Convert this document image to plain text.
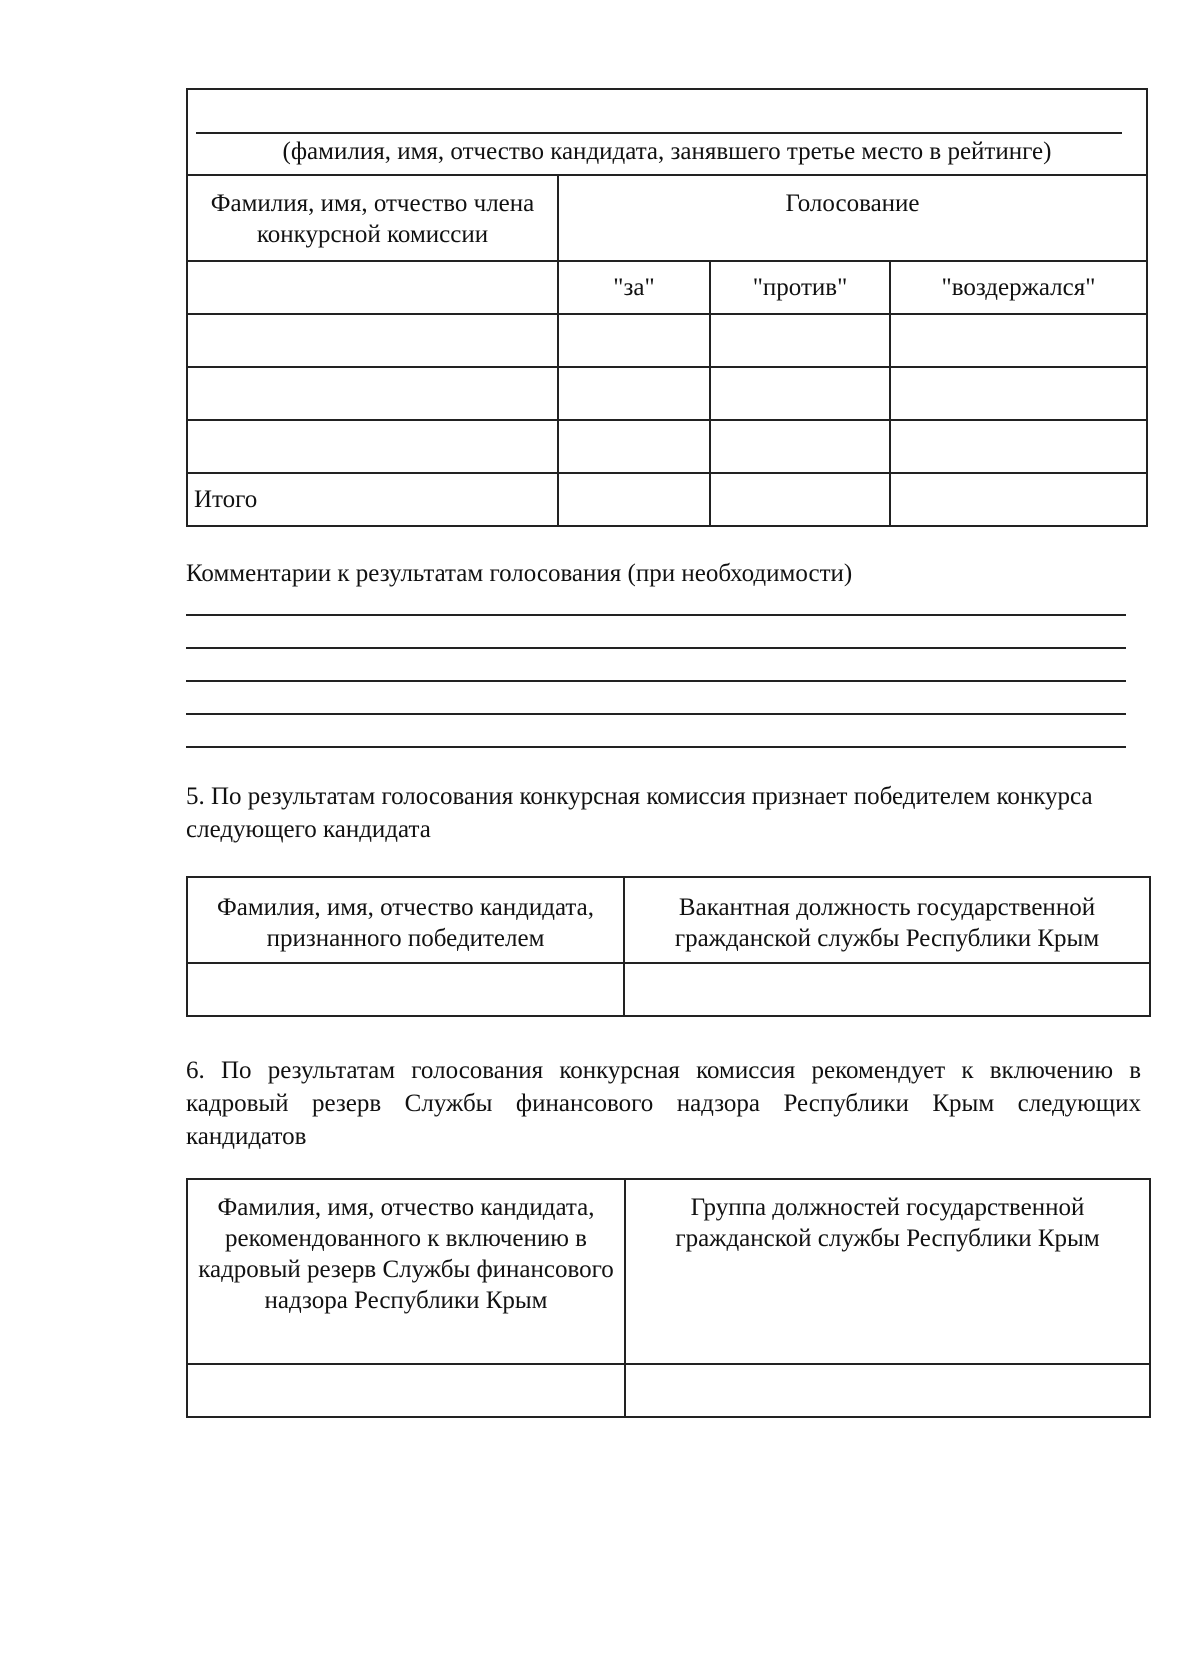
(фамилия, имя, отчество кандидата, занявшего третье место в рейтинге)			

Фамилия, имя, отчество члена конкурсной комиссии	Голосование		
	"за"	"против"	"воздержался"

Итого			

Комментарии к результатам голосования (при необходимости)

5. По результатам голосования конкурсная комиссия признает победителем конкурса следующего кандидата

Фамилия, имя, отчество кандидата, признанного победителем	Вакантная должность государственной гражданской службы Республики Крым

6. По результатам голосования конкурсная комиссия рекомендует к включению в кадровый резерв Службы финансового надзора Республики Крым следующих кандидатов

Фамилия, имя, отчество кандидата, рекомендованного к включению в кадровый резерв Службы финансового надзора Республики Крым	Группа должностей государственной гражданской службы Республики Крым
